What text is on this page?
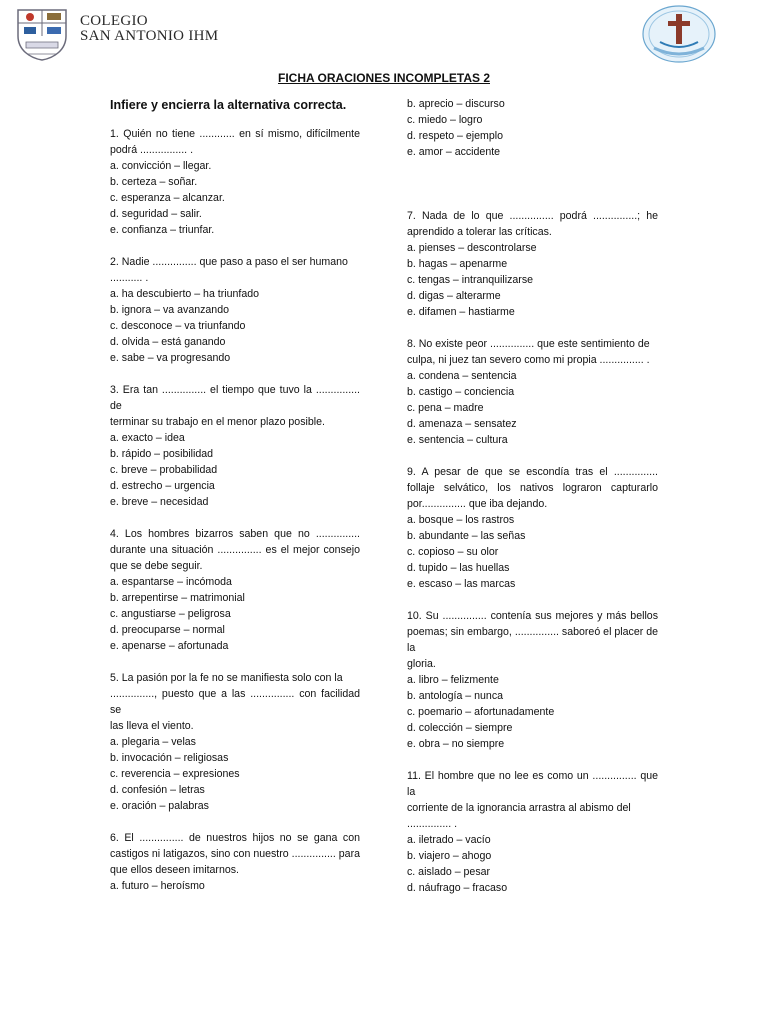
COLEGIO
SAN ANTONIO IHM
FICHA ORACIONES INCOMPLETAS 2
Infiere y encierra la alternativa correcta.
1. Quién no tiene ............ en sí mismo, difícilmente podrá ................ .
a. convicción – llegar.
b. certeza – soñar.
c. esperanza – alcanzar.
d. seguridad – salir.
e. confianza – triunfar.
2. Nadie ............... que paso a paso el ser humano
........... .
a. ha descubierto – ha triunfado
b. ignora – va avanzando
c. desconoce – va triunfando
d. olvida – está ganando
e. sabe – va progresando
3. Era tan ............... el tiempo que tuvo la ............... de
terminar su trabajo en el menor plazo posible.
a. exacto – idea
b. rápido – posibilidad
c. breve – probabilidad
d. estrecho – urgencia
e. breve – necesidad
4. Los hombres bizarros saben que no ............... durante una situación ............... es el mejor consejo que se debe seguir.
a. espantarse – incómoda
b. arrepentirse – matrimonial
c. angustiarse – peligrosa
d. preocuparse – normal
e. apenarse – afortunada
5. La pasión por la fe no se manifiesta solo con la
..............., puesto que a las ............... con facilidad se
las lleva el viento.
a. plegaria – velas
b. invocación – religiosas
c. reverencia – expresiones
d. confesión – letras
e. oración – palabras
6. El ............... de nuestros hijos no se gana con castigos ni latigazos, sino con nuestro ............... para que ellos deseen imitarnos.
a. futuro – heroísmo
b. aprecio – discurso
c. miedo – logro
d. respeto – ejemplo
e. amor – accidente
7. Nada de lo que ............... podrá ...............; he aprendido a tolerar las críticas.
a. pienses – descontrolarse
b. hagas – apenarme
c. tengas – intranquilizarse
d. digas – alterarme
e. difamen – hastiarme
8. No existe peor ............... que este sentimiento de
culpa, ni juez tan severo como mi propia ............... .
a. condena – sentencia
b. castigo – conciencia
c. pena – madre
d. amenaza – sensatez
e. sentencia – cultura
9. A pesar de que se escondía tras el ............... follaje selvático, los nativos lograron capturarlo por............... que iba dejando.
a. bosque – los rastros
b. abundante – las señas
c. copioso – su olor
d. tupido – las huellas
e. escaso – las marcas
10. Su ............... contenía sus mejores y más bellos poemas; sin embargo, ............... saboreó el placer de la
gloria.
a. libro – felizmente
b. antología – nunca
c. poemario – afortunadamente
d. colección – siempre
e. obra – no siempre
11. El hombre que no lee es como un ............... que la
corriente de la ignorancia arrastra al abismo del
............... .
a. iletrado – vacío
b. viajero – ahogo
c. aislado – pesar
d. náufrago – fracaso
